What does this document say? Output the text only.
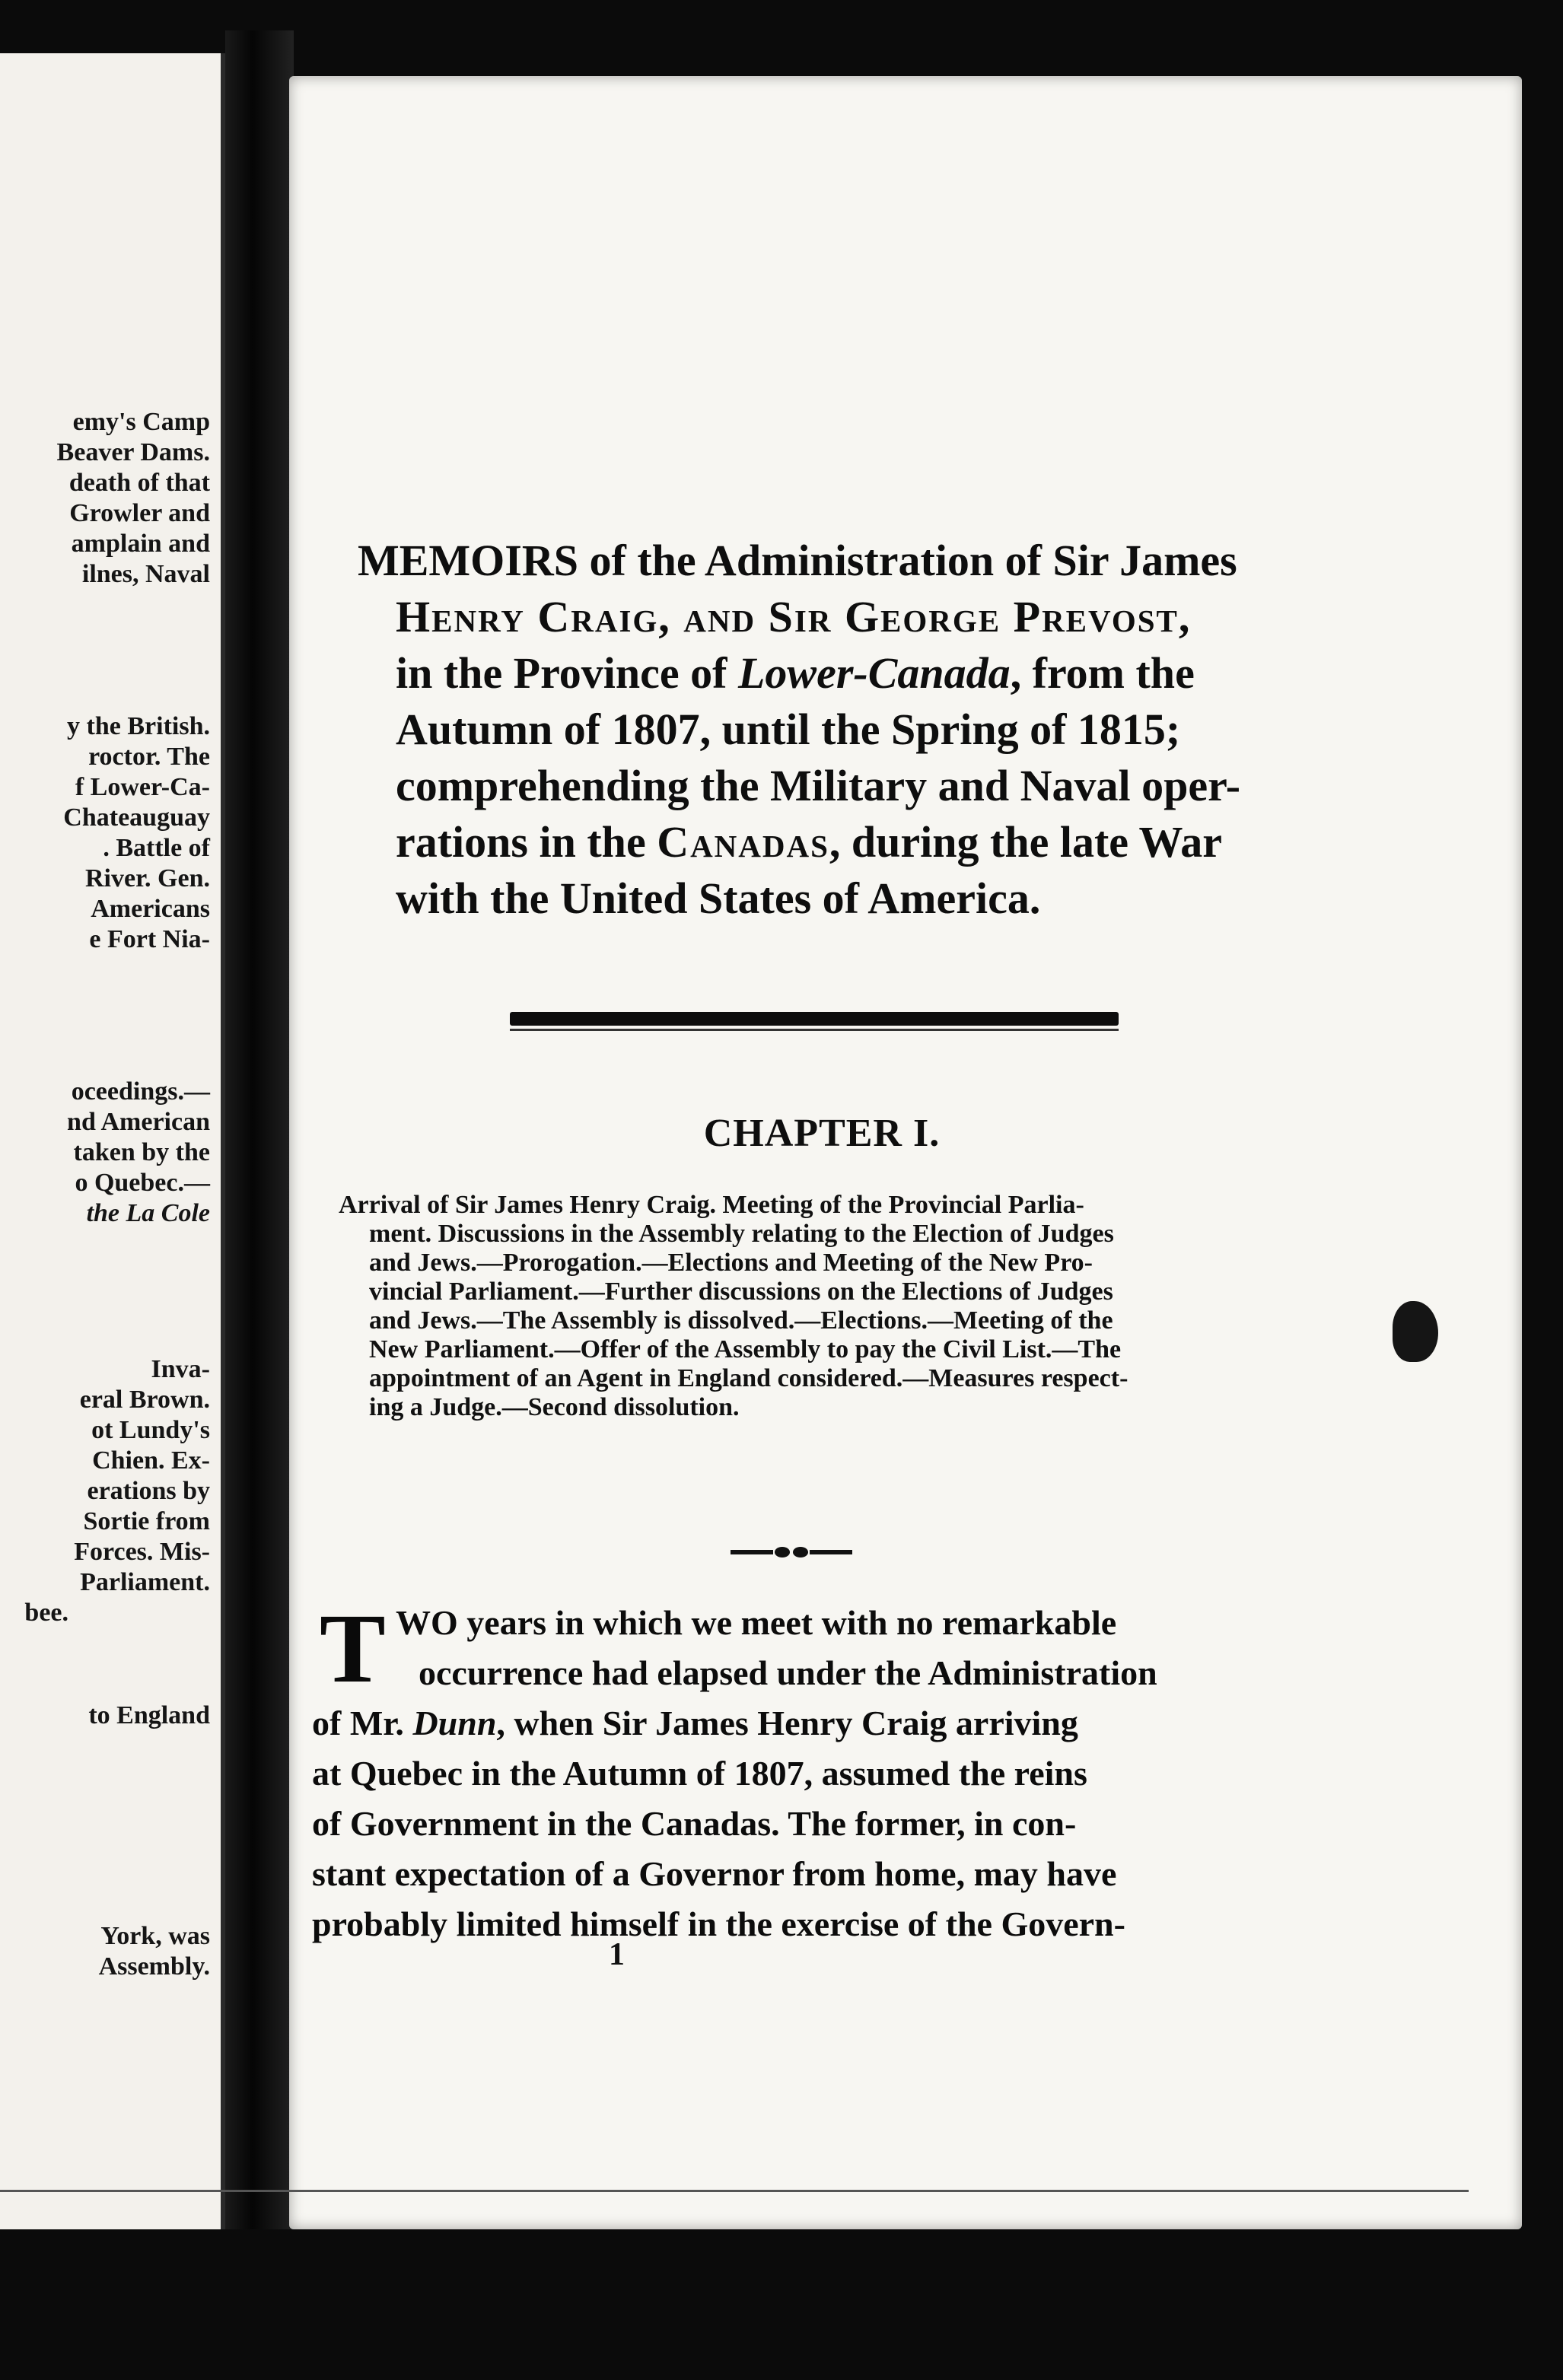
emy's Camp
Beaver Dams.
death of that
Growler and
amplain and
ilnes, Naval
y the British.
roctor. The
f Lower-Ca-
Chateauguay
. Battle of
River. Gen.
Americans
e Fort Nia-
oceedings.—
nd American
taken by the
o Quebec.—
the La Cole
Inva-
eral Brown.
ot Lundy's
Chien. Ex-
erations by
Sortie from
Forces. Mis-
Parliament.
bee.
to England
York, was
Assembly.
MEMOIRS of the Administration of Sir James
Henry Craig, and Sir George Prevost,
in the Province of Lower-Canada, from the
Autumn of 1807, until the Spring of 1815;
comprehending the Military and Naval oper-
rations in the Canadas, during the late War
with the United States of America.
CHAPTER I.
Arrival of Sir James Henry Craig. Meeting of the Provincial Parlia-
ment. Discussions in the Assembly relating to the Election of Judges
and Jews.—Prorogation.—Elections and Meeting of the New Pro-
vincial Parliament.—Further discussions on the Elections of Judges
and Jews.—The Assembly is dissolved.—Elections.—Meeting of the
New Parliament.—Offer of the Assembly to pay the Civil List.—The
appointment of an Agent in England considered.—Measures respect-
ing a Judge.—Second dissolution.
T WO years in which we meet with no remarkable
occurrence had elapsed under the Administration
of Mr. Dunn, when Sir James Henry Craig arriving
at Quebec in the Autumn of 1807, assumed the reins
of Government in the Canadas. The former, in con-
stant expectation of a Governor from home, may have
probably limited himself in the exercise of the Govern-
1
